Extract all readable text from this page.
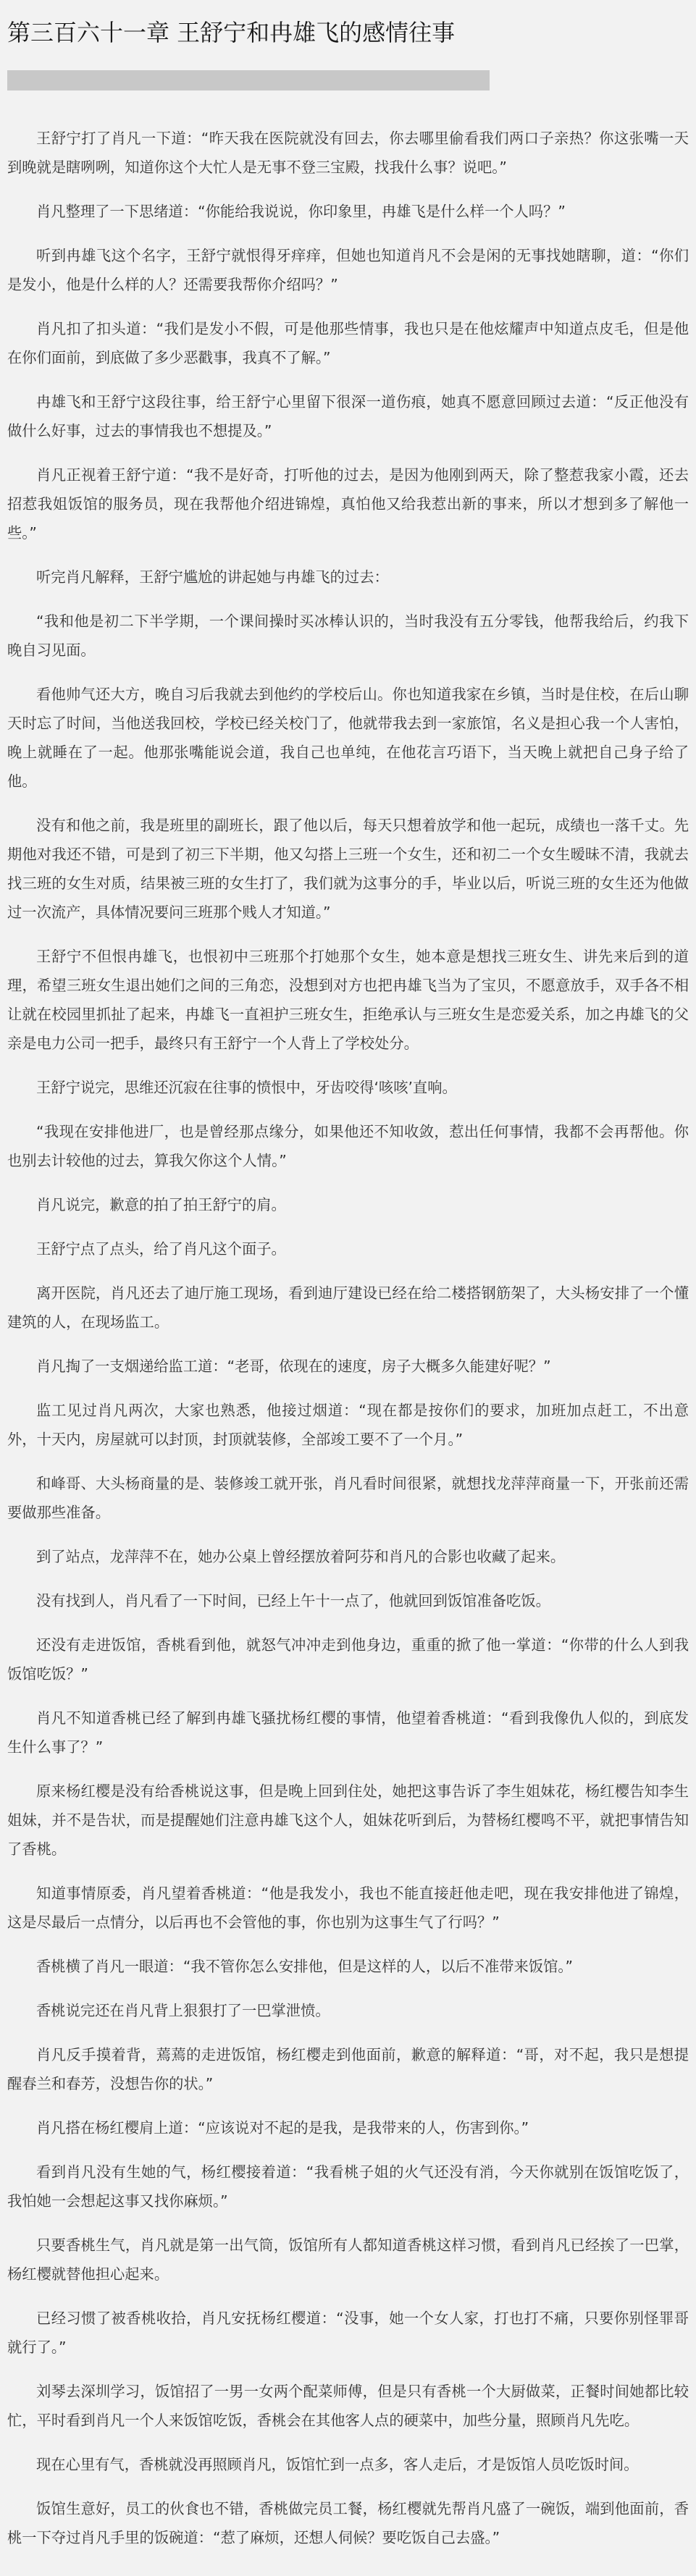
第三百六十一章 王舒宁和冉雄飞的感情往事

王舒宁打了肖凡一下道：“昨天我在医院就没有回去，你去哪里偷看我们两口子亲热？你这张嘴一天到晚就是瞎咧咧，知道你这个大忙人是无事不登三宝殿，找我什么事？说吧。”

肖凡整理了一下思绪道：“你能给我说说，你印象里，冉雄飞是什么样一个人吗？”

听到冉雄飞这个名字，王舒宁就恨得牙痒痒，但她也知道肖凡不会是闲的无事找她瞎聊，道：“你们是发小，他是什么样的人？还需要我帮你介绍吗？”

肖凡扣了扣头道：“我们是发小不假，可是他那些情事，我也只是在他炫耀声中知道点皮毛，但是他在你们面前，到底做了多少恶戳事，我真不了解。”

冉雄飞和王舒宁这段往事，给王舒宁心里留下很深一道伤痕，她真不愿意回顾过去道：“反正他没有做什么好事，过去的事情我也不想提及。”

肖凡正视着王舒宁道：“我不是好奇，打听他的过去，是因为他刚到两天，除了整惹我家小霞，还去招惹我姐饭馆的服务员，现在我帮他介绍进锦煌，真怕他又给我惹出新的事来，所以才想到多了解他一些。”

听完肖凡解释，王舒宁尴尬的讲起她与冉雄飞的过去：

“我和他是初二下半学期，一个课间操时买冰棒认识的，当时我没有五分零钱，他帮我给后，约我下晚自习见面。

看他帅气还大方，晚自习后我就去到他约的学校后山。你也知道我家在乡镇，当时是住校，在后山聊天时忘了时间，当他送我回校，学校已经关校门了，他就带我去到一家旅馆，名义是担心我一个人害怕，晚上就睡在了一起。他那张嘴能说会道，我自己也单纯，在他花言巧语下，当天晚上就把自己身子给了他。

没有和他之前，我是班里的副班长，跟了他以后，每天只想着放学和他一起玩，成绩也一落千丈。先期他对我还不错，可是到了初三下半期，他又勾搭上三班一个女生，还和初二一个女生暧昧不清，我就去找三班的女生对质，结果被三班的女生打了，我们就为这事分的手，毕业以后，听说三班的女生还为他做过一次流产，具体情况要问三班那个贱人才知道。”

王舒宁不但恨冉雄飞，也恨初中三班那个打她那个女生，她本意是想找三班女生、讲先来后到的道理，希望三班女生退出她们之间的三角恋，没想到对方也把冉雄飞当为了宝贝，不愿意放手，双手各不相让就在校园里抓扯了起来，冉雄飞一直袒护三班女生，拒绝承认与三班女生是恋爱关系，加之冉雄飞的父亲是电力公司一把手，最终只有王舒宁一个人背上了学校处分。

王舒宁说完，思维还沉寂在往事的愤恨中，牙齿咬得‘咳咳’直响。

“我现在安排他进厂，也是曾经那点缘分，如果他还不知收敛，惹出任何事情，我都不会再帮他。你也别去计较他的过去，算我欠你这个人情。”

肖凡说完，歉意的拍了拍王舒宁的肩。

王舒宁点了点头，给了肖凡这个面子。

离开医院，肖凡还去了迪厅施工现场，看到迪厅建设已经在给二楼搭钢筋架了，大头杨安排了一个懂建筑的人，在现场监工。

肖凡掏了一支烟递给监工道：“老哥，依现在的速度，房子大概多久能建好呢？”

监工见过肖凡两次，大家也熟悉，他接过烟道：“现在都是按你们的要求，加班加点赶工，不出意外，十天内，房屋就可以封顶，封顶就装修，全部竣工要不了一个月。”

和峰哥、大头杨商量的是、装修竣工就开张，肖凡看时间很紧，就想找龙萍萍商量一下，开张前还需要做那些准备。

到了站点，龙萍萍不在，她办公桌上曾经摆放着阿芬和肖凡的合影也收藏了起来。

没有找到人，肖凡看了一下时间，已经上午十一点了，他就回到饭馆准备吃饭。

还没有走进饭馆，香桃看到他，就怒气冲冲走到他身边，重重的掀了他一掌道：“你带的什么人到我饭馆吃饭？”

肖凡不知道香桃已经了解到冉雄飞骚扰杨红樱的事情，他望着香桃道：“看到我像仇人似的，到底发生什么事了？”

原来杨红樱是没有给香桃说这事，但是晚上回到住处，她把这事告诉了李生姐妹花，杨红樱告知李生姐妹，并不是告状，而是提醒她们注意冉雄飞这个人，姐妹花听到后，为替杨红樱鸣不平，就把事情告知了香桃。

知道事情原委，肖凡望着香桃道：“他是我发小，我也不能直接赶他走吧，现在我安排他进了锦煌，这是尽最后一点情分，以后再也不会管他的事，你也别为这事生气了行吗？”

香桃横了肖凡一眼道：“我不管你怎么安排他，但是这样的人，以后不准带来饭馆。”

香桃说完还在肖凡背上狠狠打了一巴掌泄愤。

肖凡反手摸着背，蔫蔫的走进饭馆，杨红樱走到他面前，歉意的解释道：“哥，对不起，我只是想提醒春兰和春芳，没想告你的状。”

肖凡搭在杨红樱肩上道：“应该说对不起的是我，是我带来的人，伤害到你。”

看到肖凡没有生她的气，杨红樱接着道：“我看桃子姐的火气还没有消，今天你就别在饭馆吃饭了，我怕她一会想起这事又找你麻烦。”

只要香桃生气，肖凡就是第一出气筒，饭馆所有人都知道香桃这样习惯，看到肖凡已经挨了一巴掌，杨红樱就替他担心起来。

已经习惯了被香桃收拾，肖凡安抚杨红樱道：“没事，她一个女人家，打也打不痛，只要你别怪罪哥就行了。”

刘琴去深圳学习，饭馆招了一男一女两个配菜师傅，但是只有香桃一个大厨做菜，正餐时间她都比较忙，平时看到肖凡一个人来饭馆吃饭，香桃会在其他客人点的硬菜中，加些分量，照顾肖凡先吃。

现在心里有气，香桃就没再照顾肖凡，饭馆忙到一点多，客人走后，才是饭馆人员吃饭时间。

饭馆生意好，员工的伙食也不错，香桃做完员工餐，杨红樱就先帮肖凡盛了一碗饭，端到他面前，香桃一下夺过肖凡手里的饭碗道：“惹了麻烦，还想人伺候？要吃饭自己去盛。”
